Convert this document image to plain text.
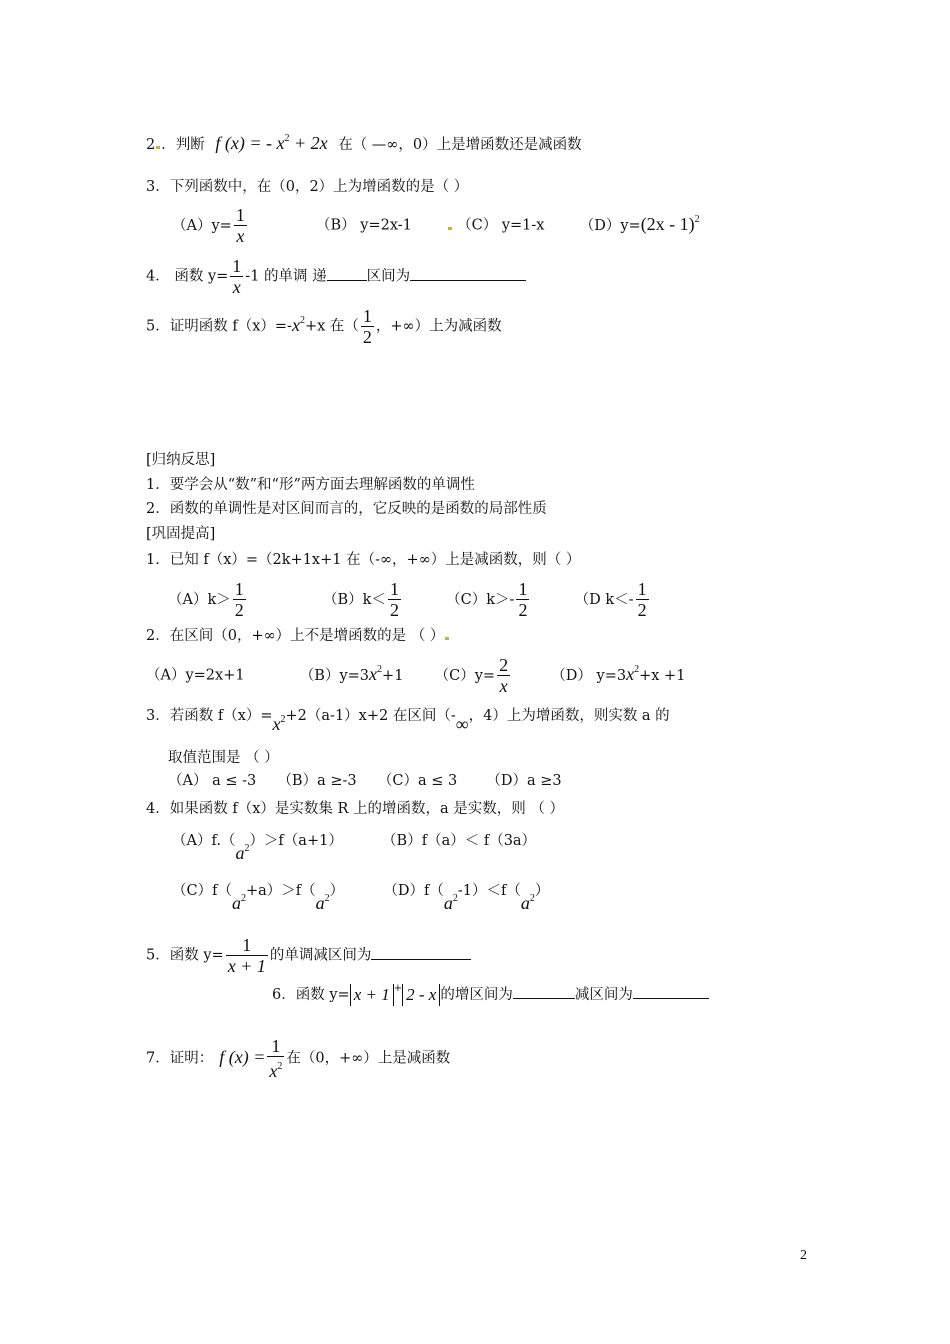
2 ．判断 f (x) = - $x^2 + 2x$ 在（ —∞，0）上是增函数还是减函数
3．下列函数中，在（0，2）上为增函数的是（ ）
$(A)y= \frac{1}{x}$	（B） y=2x-1	（C） y=1-x （D）y=(2x - 1)$^2$
4． 函数 $y= \frac{1}{x} -1$ 的单调 递	区间为
5．证明函数 $f(x)=-x^2+x$ 在（ $\frac{1}{2}$ ，+∞）上为减函数
[归纳反思]
1．要学会从“数”和“形”两方面去理解函数的单调性
2．函数的单调性是对区间而言的，它反映的是函数的局部性质
[巩固提高]
1．已知 f（x）=（2k+1x+1 在（-∞，+∞）上是减函数，则（ ）
$(A)k> \frac{1}{2}$	$(B)k< \frac{1}{2}$	$(C)k>- \frac{1}{2}$	（D $k<- \frac{1}{2}$
2．在区间（0，+∞）上不是增函数的是 （ ）
（A）y=2x+1	$(B)y=3x^2+1$ $(C)y= \frac{2}{x}$	（D） $y=3x^2+x +1$
3．若函数 $f(x)=x^2+2(a-1)x+2$ 在区间（-∞，4）上为增函数，则实数 a 的
取值范围是 （ ）
（A） a ≤ -3 （B）a ≥-3 （C）a ≤ 3 （D）a ≥3
4．如果函数 f（x）是实数集 R 上的增函数，a 是实数，则 （ ）
$(A)f.(a^2)>f(a+1)$	（B）f（a）＜ f（3a）
$(C)f(a^2+a)>f(a^2)$	$(D)f(a^2-1)<f(a^2)$
5．函数 $y= \frac{1}{x + 1}$ 的单调减区间为
6．函数 y= x + 1 + 2 - x 的增区间为	减区间为
7．证明： f $(x) = \frac{1}{x^2}$ 在（0，+∞）上是减函数
2
